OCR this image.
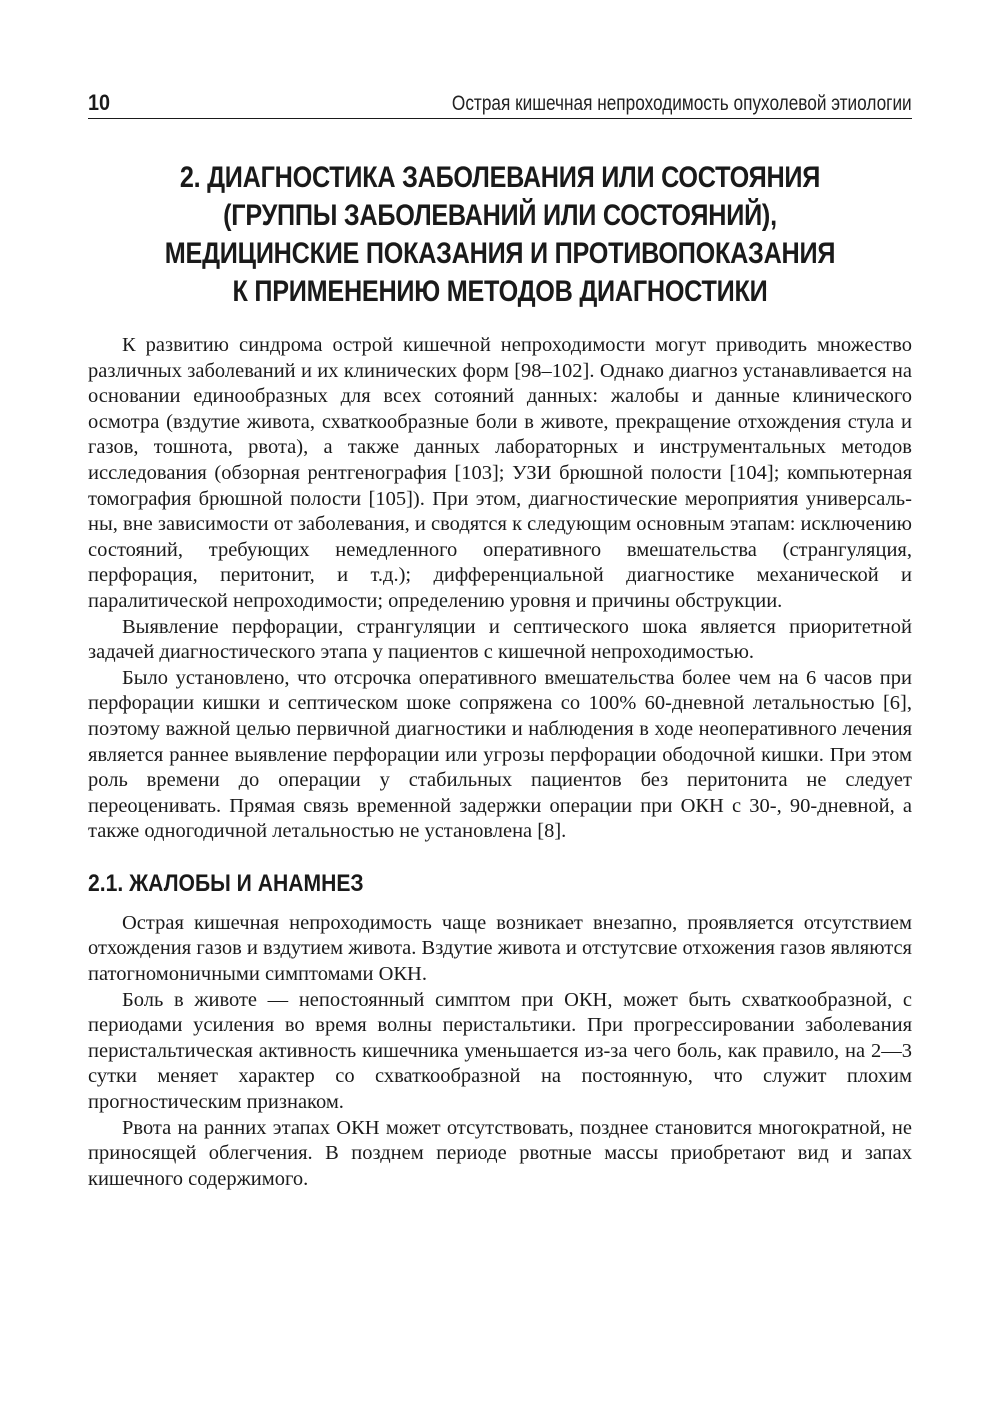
10	Острая кишечная непроходимость опухолевой этиологии
2. ДИАГНОСТИКА ЗАБОЛЕВАНИЯ ИЛИ СОСТОЯНИЯ
(ГРУППЫ ЗАБОЛЕВАНИЙ ИЛИ СОСТОЯНИЙ),
МЕДИЦИНСКИЕ ПОКАЗАНИЯ И ПРОТИВОПОКАЗАНИЯ
К ПРИМЕНЕНИЮ МЕТОДОВ ДИАГНОСТИКИ

К развитию синдрома острой кишечной непроходимости могут приводить множество различных заболеваний и их клинических форм [98–102]. Однако диагноз устанавливается на основании единообразных для всех сотояний данных: жалобы и данные клинического осмотра (вздутие живота, схваткообразные боли в животе, прекращение отхождения стула и газов, тошнота, рвота), а также данных лабораторных и инструментальных методов исследования (обзорная рентгенография [103]; УЗИ брюшной полости [104]; компьютерная томография брюшной полости [105]). При этом, диагностические мероприятия универсальны, вне зависимости от заболевания, и сводятся к следующим основным этапам: исключению состояний, требующих немедленного оперативного вмешательства (странгуляция, перфорация, перитонит, и т.д.); дифференциальной диагностике механической и паралитической непроходимости; определению уровня и причины обструкции.

Выявление перфорации, странгуляции и септического шока является приоритетной задачей диагностического этапа у пациентов с кишечной непроходимостью.

Было установлено, что отсрочка оперативного вмешательства более чем на 6 часов при перфорации кишки и септическом шоке сопряжена со 100% 60-дневной летальностью [6], поэтому важной целью первичной диагностики и наблюдения в ходе неоперативного лечения является раннее выявление перфорации или угрозы перфорации ободочной кишки. При этом роль времени до операции у стабильных пациентов без перитонита не следует переоценивать. Прямая связь временной задержки операции при ОКН с 30-, 90-дневной, а также одногодичной летальностью не установлена [8].

2.1. ЖАЛОБЫ И АНАМНЕЗ

Острая кишечная непроходимость чаще возникает внезапно, проявляется отсутствием отхождения газов и вздутием живота. Вздутие живота и отстутсвие отхожения газов являются патогномоничными симптомами ОКН.

Боль в животе — непостоянный симптом при ОКН, может быть схваткообразной, с периодами усиления во время волны перистальтики. При прогрессировании заболевания перистальтическая активность кишечника уменьшается из-за чего боль, как правило, на 2—3 сутки меняет характер со схваткообразной на постоянную, что служит плохим прогностическим признаком.

Рвота на ранних этапах ОКН может отсутствовать, позднее становится многократной, не приносящей облегчения. В позднем периоде рвотные массы приобретают вид и запах кишечного содержимого.
